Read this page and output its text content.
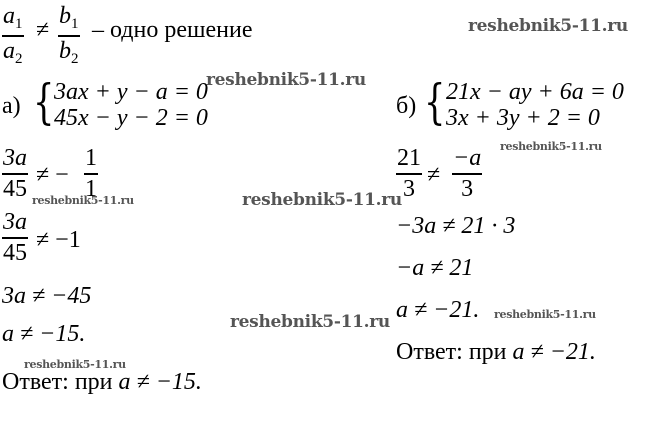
$a_1$
$a_2$
≠
$b_1$
$b_2$
– одно решение
а) { 3ax + y − a = 0
45x − y − 2 = 0
3a
45
≠ −
1
1
3a
45 ≠ −1
3a ≠ −45
a ≠ −15.
Ответ: при a ≠ −15.
б) { 21x − ay + 6a = 0
3x + 3y + 2 = 0
21
3
≠
−a
3
−3a ≠ 21 · 3
−a ≠ 21
a ≠ −21.
Ответ: при a ≠ −21.
reshebnik5-11.ru
reshebnik5-11.ru
reshebnik5-11.ru
reshebnik5-11.ru	reshebnik5-11.ru
reshebnik5-11.ru
reshebnik5-11.ru
reshebnik5-11.ru
